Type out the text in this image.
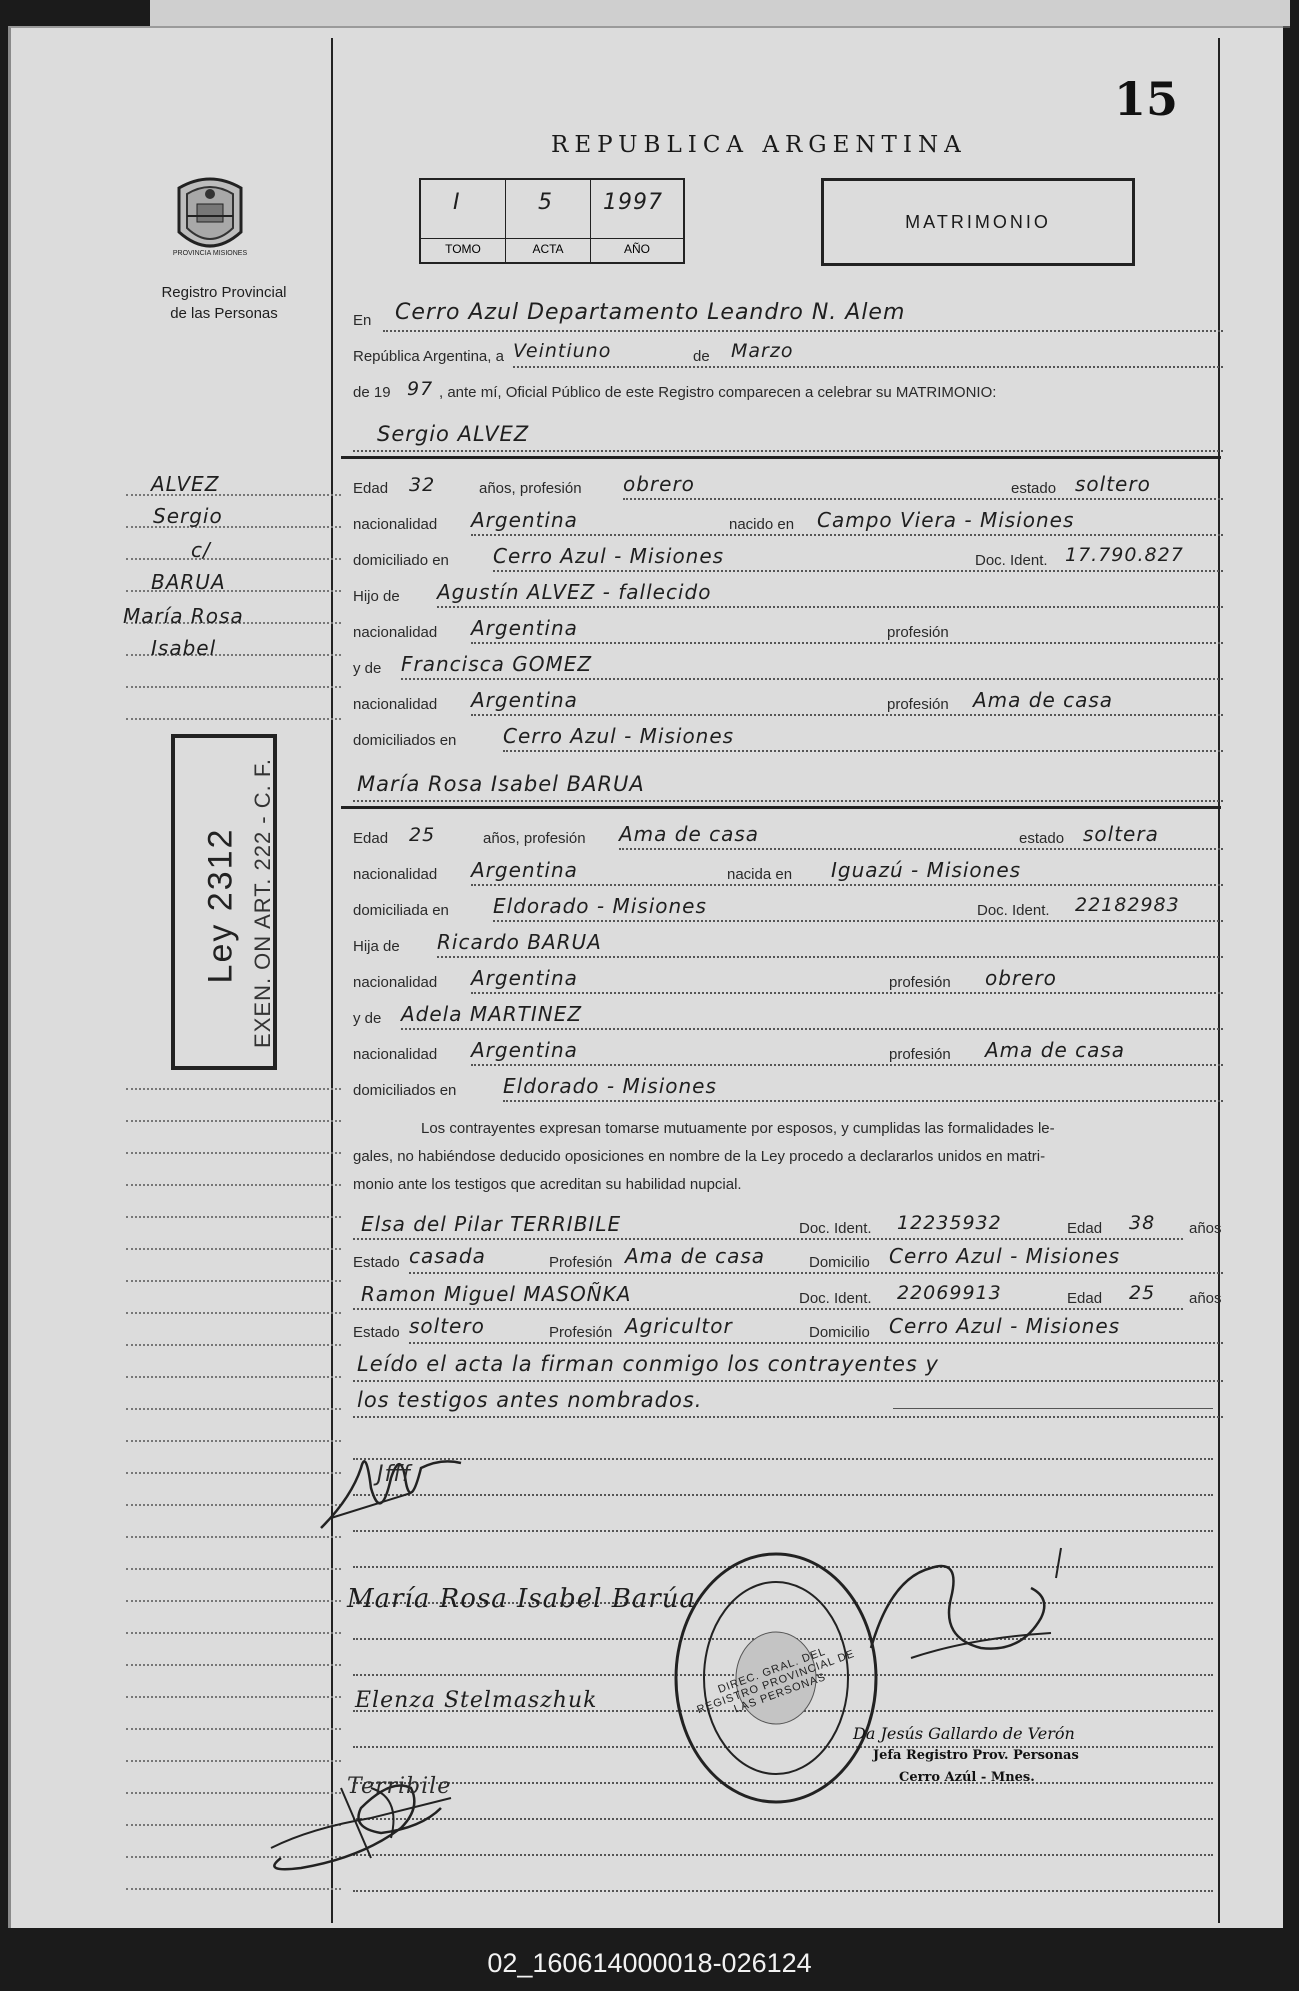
15
REPUBLICA ARGENTINA
I
TOMO
5
ACTA
1997
AÑO
MATRIMONIO
PROVINCIA MISIONES
Registro Provincial
de las Personas
ALVEZ
Sergio
c/
BARUA
María Rosa
Isabel
Ley 2312 EXEN. ON ART. 222 - C. F.
En Cerro Azul Departamento Leandro N. Alem
República Argentina, a Veintiuno	de Marzo
de 19 97 , ante mí, Oficial Público de este Registro comparecen a celebrar su MATRIMONIO:
Sergio ALVEZ
Edad 32	años, profesión obrero	estado soltero
nacionalidad Argentina	nacido en Campo Viera - Misiones
domiciliado en Cerro Azul - Misiones	Doc. Ident. 17.790.827
Hijo de Agustín ALVEZ - fallecido
nacionalidad Argentina	profesión
y de Francisca GOMEZ
nacionalidad Argentina	profesión Ama de casa
domiciliados en Cerro Azul - Misiones
María Rosa Isabel BARUA
Edad 25	años, profesión Ama de casa	estado soltera
nacionalidad Argentina	nacida en Iguazú - Misiones
domiciliada en Eldorado - Misiones	Doc. Ident. 22182983
Hija de Ricardo BARUA
nacionalidad Argentina	profesión obrero
y de Adela MARTINEZ
nacionalidad Argentina	profesión Ama de casa
domiciliados en Eldorado - Misiones
Los contrayentes expresan tomarse mutuamente por esposos, y cumplidas las formalidades le-
gales, no habiéndose deducido oposiciones en nombre de la Ley procedo a declararlos unidos en matri-
monio ante los testigos que acreditan su habilidad nupcial.
Elsa del Pilar TERRIBILE	Doc. Ident. 12235932	Edad 38 años
Estado casada	Profesión Ama de casa	Domicilio Cerro Azul - Misiones
Ramon Miguel MASOÑKA	Doc. Ident. 22069913	Edad 25 años
Estado soltero	Profesión Agricultor	Domicilio Cerro Azul - Misiones
Leído el acta la firman conmigo los contrayentes y
los testigos antes nombrados.
Jfff
María Rosa Isabel Barúa
Elenza Stelmaszhuk
Terribile
DIREC. GRAL. DEL REGISTRO PROVINCIAL DE LAS PERSONAS
Da Jesús Gallardo de Verón
Jefa Registro Prov. Personas
Cerro Azúl - Mnes.
02_160614000018-026124
